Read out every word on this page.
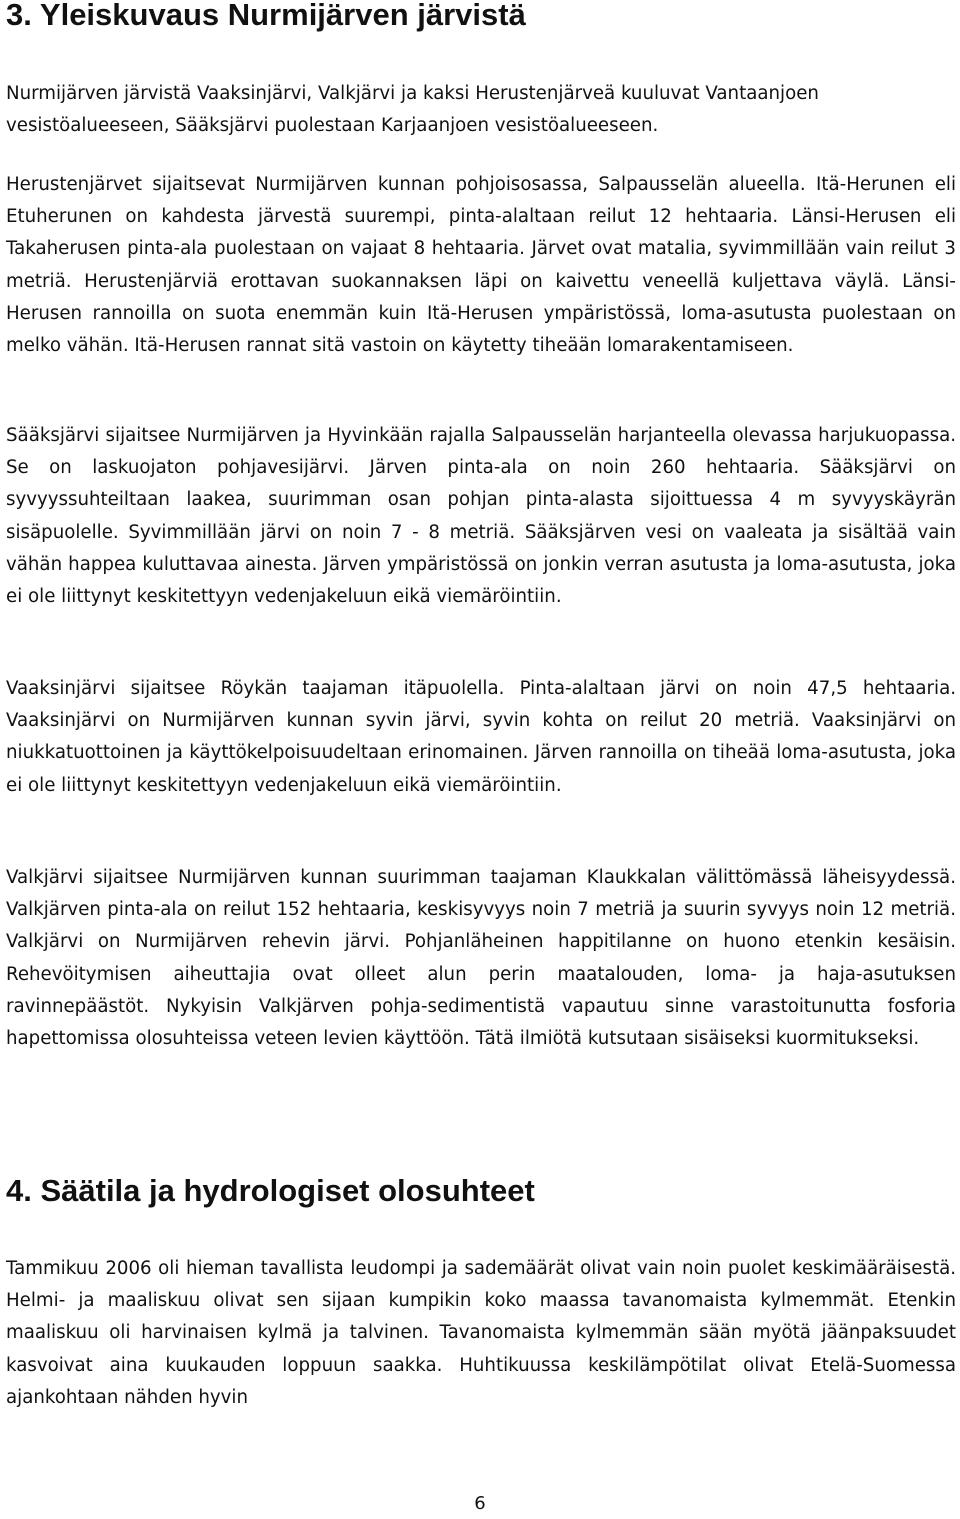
3. Yleiskuvaus Nurmijärven järvistä

Nurmijärven järvistä Vaaksinjärvi, Valkjärvi ja kaksi Herustenjärveä kuuluvat Vantaanjoen vesistöalueeseen, Sääksjärvi puolestaan Karjaanjoen vesistöalueeseen.

Herustenjärvet sijaitsevat Nurmijärven kunnan pohjoisosassa, Salpausselän alueella. Itä-Herunen eli Etuherunen on kahdesta järvestä suurempi, pinta-alaltaan reilut 12 hehtaaria. Länsi-Herusen eli Takaherusen pinta-ala puolestaan on vajaat 8 hehtaaria. Järvet ovat matalia, syvimmillään vain reilut 3 metriä. Herustenjärviä erottavan suokannaksen läpi on kaivettu veneellä kuljettava väylä. Länsi-Herusen rannoilla on suota enemmän kuin Itä-Herusen ympäristössä, loma-asutusta puolestaan on melko vähän. Itä-Herusen rannat sitä vastoin on käytetty tiheään lomarakentamiseen.

Sääksjärvi sijaitsee Nurmijärven ja Hyvinkään rajalla Salpausselän harjanteella olevassa harjukuopassa. Se on laskuojaton pohjavesijärvi. Järven pinta-ala on noin 260 hehtaaria. Sääksjärvi on syvyyssuhteiltaan laakea, suurimman osan pohjan pinta-alasta sijoittuessa 4 m syvyyskäyrän sisäpuolelle. Syvimmillään järvi on noin 7 - 8 metriä. Sääksjärven vesi on vaaleata ja sisältää vain vähän happea kuluttavaa ainesta. Järven ympäristössä on jonkin verran asutusta ja loma-asutusta, joka ei ole liittynyt keskitettyyn vedenjakeluun eikä viemäröintiin.

Vaaksinjärvi sijaitsee Röykän taajaman itäpuolella. Pinta-alaltaan järvi on noin 47,5 hehtaaria. Vaaksinjärvi on Nurmijärven kunnan syvin järvi, syvin kohta on reilut 20 metriä. Vaaksinjärvi on niukkatuottoinen ja käyttökelpoisuudeltaan erinomainen. Järven rannoilla on tiheää loma-asutusta, joka ei ole liittynyt keskitettyyn vedenjakeluun eikä viemäröintiin.

Valkjärvi sijaitsee Nurmijärven kunnan suurimman taajaman Klaukkalan välittömässä läheisyydessä. Valkjärven pinta-ala on reilut 152 hehtaaria, keskisyvyys noin 7 metriä ja suurin syvyys noin 12 metriä. Valkjärvi on Nurmijärven rehevin järvi. Pohjanläheinen happitilanne on huono etenkin kesäisin. Rehevöitymisen aiheuttajia ovat olleet alun perin maatalouden, loma- ja haja-asutuksen ravinnepäästöt. Nykyisin Valkjärven pohja-sedimentistä vapautuu sinne varastoitunutta fosforia hapettomissa olosuhteissa veteen levien käyttöön. Tätä ilmiötä kutsutaan sisäiseksi kuormitukseksi.

4. Säätila ja hydrologiset olosuhteet

Tammikuu 2006 oli hieman tavallista leudompi ja sademäärät olivat vain noin puolet keskimääräisestä. Helmi- ja maaliskuu olivat sen sijaan kumpikin koko maassa tavanomaista kylmemmät. Etenkin maaliskuu oli harvinaisen kylmä ja talvinen. Tavanomaista kylmemmän sään myötä jäänpaksuudet kasvoivat aina kuukauden loppuun saakka. Huhtikuussa keskilämpötilat olivat Etelä-Suomessa ajankohtaan nähden hyvin

6
